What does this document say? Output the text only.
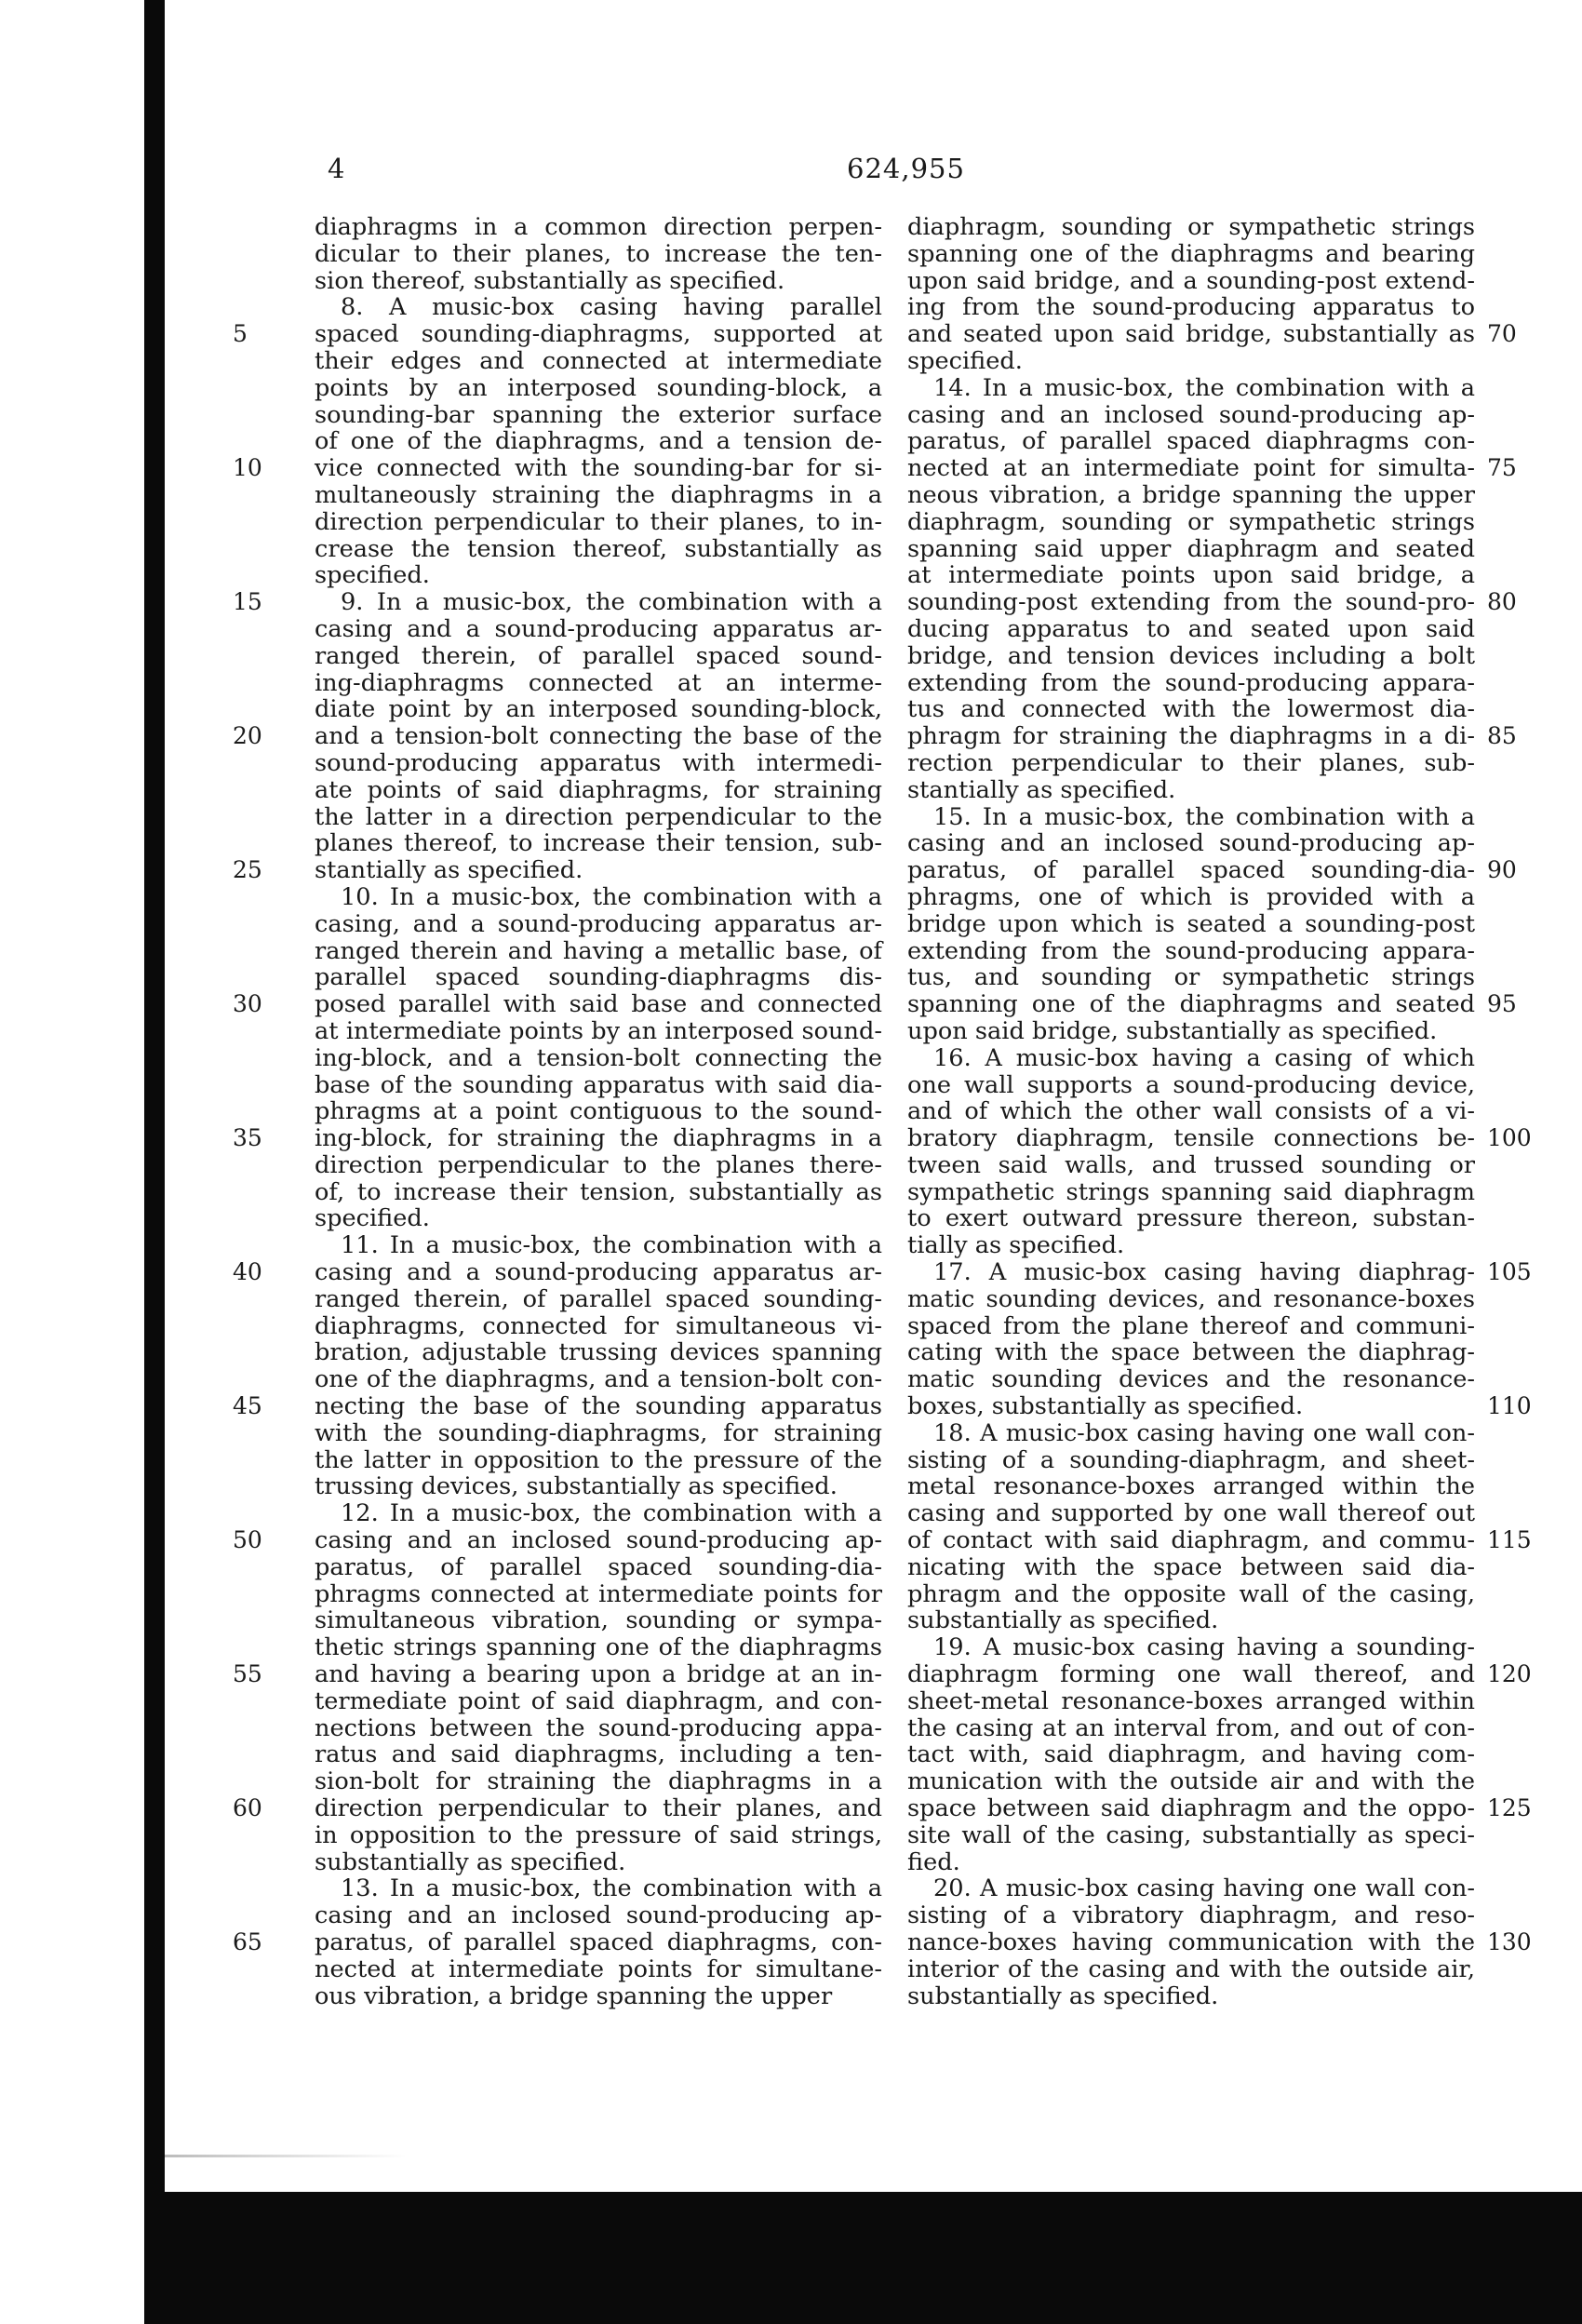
4	624,955
diaphragms in a common direction perpen-
dicular to their planes, to increase the ten-
sion thereof, substantially as specified.
8. A music-box casing having parallel
spaced sounding-diaphragms, supported at
their edges and connected at intermediate
points by an interposed sounding-block, a
sounding-bar spanning the exterior surface
of one of the diaphragms, and a tension de-
vice connected with the sounding-bar for si-
multaneously straining the diaphragms in a
direction perpendicular to their planes, to in-
crease the tension thereof, substantially as
specified.
9. In a music-box, the combination with a
casing and a sound-producing apparatus ar-
ranged therein, of parallel spaced sound-
ing-diaphragms connected at an interme-
diate point by an interposed sounding-block,
and a tension-bolt connecting the base of the
sound-producing apparatus with intermedi-
ate points of said diaphragms, for straining
the latter in a direction perpendicular to the
planes thereof, to increase their tension, sub-
stantially as specified.
10. In a music-box, the combination with a
casing, and a sound-producing apparatus ar-
ranged therein and having a metallic base, of
parallel spaced sounding-diaphragms dis-
posed parallel with said base and connected
at intermediate points by an interposed sound-
ing-block, and a tension-bolt connecting the
base of the sounding apparatus with said dia-
phragms at a point contiguous to the sound-
ing-block, for straining the diaphragms in a
direction perpendicular to the planes there-
of, to increase their tension, substantially as
specified.
11. In a music-box, the combination with a
casing and a sound-producing apparatus ar-
ranged therein, of parallel spaced sounding-
diaphragms, connected for simultaneous vi-
bration, adjustable trussing devices spanning
one of the diaphragms, and a tension-bolt con-
necting the base of the sounding apparatus
with the sounding-diaphragms, for straining
the latter in opposition to the pressure of the
trussing devices, substantially as specified.
12. In a music-box, the combination with a
casing and an inclosed sound-producing ap-
paratus, of parallel spaced sounding-dia-
phragms connected at intermediate points for
simultaneous vibration, sounding or sympa-
thetic strings spanning one of the diaphragms
and having a bearing upon a bridge at an in-
termediate point of said diaphragm, and con-
nections between the sound-producing appa-
ratus and said diaphragms, including a ten-
sion-bolt for straining the diaphragms in a
direction perpendicular to their planes, and
in opposition to the pressure of said strings,
substantially as specified.
13. In a music-box, the combination with a
casing and an inclosed sound-producing ap-
paratus, of parallel spaced diaphragms, con-
nected at intermediate points for simultane-
ous vibration, a bridge spanning the upper
diaphragm, sounding or sympathetic strings
spanning one of the diaphragms and bearing
upon said bridge, and a sounding-post extend-
ing from the sound-producing apparatus to
and seated upon said bridge, substantially as
specified.
14. In a music-box, the combination with a
casing and an inclosed sound-producing ap-
paratus, of parallel spaced diaphragms con-
nected at an intermediate point for simulta-
neous vibration, a bridge spanning the upper
diaphragm, sounding or sympathetic strings
spanning said upper diaphragm and seated
at intermediate points upon said bridge, a
sounding-post extending from the sound-pro-
ducing apparatus to and seated upon said
bridge, and tension devices including a bolt
extending from the sound-producing appara-
tus and connected with the lowermost dia-
phragm for straining the diaphragms in a di-
rection perpendicular to their planes, sub-
stantially as specified.
15. In a music-box, the combination with a
casing and an inclosed sound-producing ap-
paratus, of parallel spaced sounding-dia-
phragms, one of which is provided with a
bridge upon which is seated a sounding-post
extending from the sound-producing appara-
tus, and sounding or sympathetic strings
spanning one of the diaphragms and seated
upon said bridge, substantially as specified.
16. A music-box having a casing of which
one wall supports a sound-producing device,
and of which the other wall consists of a vi-
bratory diaphragm, tensile connections be-
tween said walls, and trussed sounding or
sympathetic strings spanning said diaphragm
to exert outward pressure thereon, substan-
tially as specified.
17. A music-box casing having diaphrag-
matic sounding devices, and resonance-boxes
spaced from the plane thereof and communi-
cating with the space between the diaphrag-
matic sounding devices and the resonance-
boxes, substantially as specified.
18. A music-box casing having one wall con-
sisting of a sounding-diaphragm, and sheet-
metal resonance-boxes arranged within the
casing and supported by one wall thereof out
of contact with said diaphragm, and commu-
nicating with the space between said dia-
phragm and the opposite wall of the casing,
substantially as specified.
19. A music-box casing having a sounding-
diaphragm forming one wall thereof, and
sheet-metal resonance-boxes arranged within
the casing at an interval from, and out of con-
tact with, said diaphragm, and having com-
munication with the outside air and with the
space between said diaphragm and the oppo-
site wall of the casing, substantially as speci-
fied.
20. A music-box casing having one wall con-
sisting of a vibratory diaphragm, and reso-
nance-boxes having communication with the
interior of the casing and with the outside air,
substantially as specified.
5
10
15
20
25
30
35
40
45
50
55
60
65
70
75
80
85
90
95
100
105
110
115
120
125
130
